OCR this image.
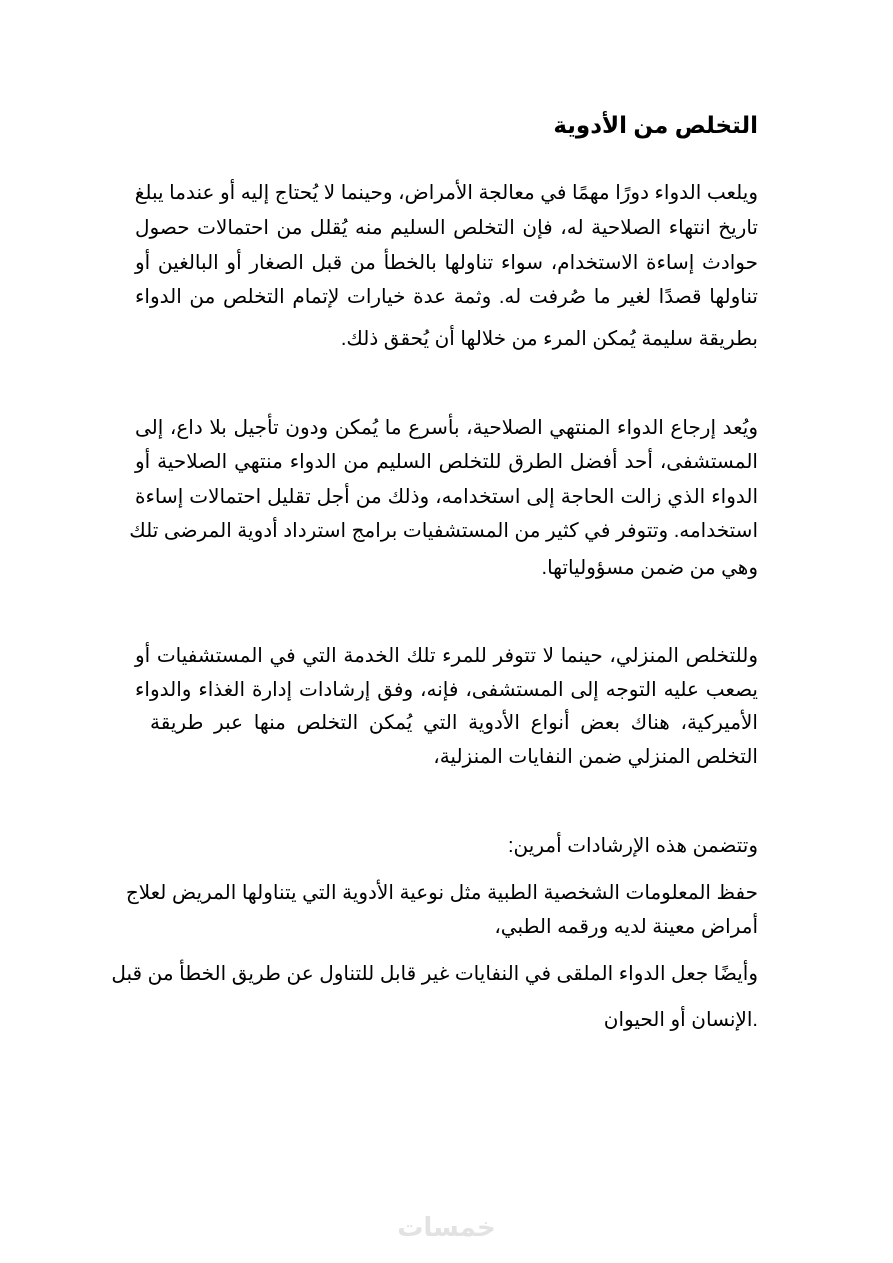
التخلص من الأدوية
ويلعب الدواء دورًا مهمًا في معالجة الأمراض، وحينما لا يُحتاج إليه أو عندما يبلغ
تاريخ انتهاء الصلاحية له، فإن التخلص السليم منه يُقلل من احتمالات حصول
حوادث إساءة الاستخدام، سواء تناولها بالخطأ من قبل الصغار أو البالغين أو
تناولها قصدًا لغير ما صُرفت له. وثمة عدة خيارات لإتمام التخلص من الدواء
بطريقة سليمة يُمكن المرء من خلالها أن يُحقق ذلك.
ويُعد إرجاع الدواء المنتهي الصلاحية، بأسرع ما يُمكن ودون تأجيل بلا داع، إلى
المستشفى، أحد أفضل الطرق للتخلص السليم من الدواء منتهي الصلاحية أو
الدواء الذي زالت الحاجة إلى استخدامه، وذلك من أجل تقليل احتمالات إساءة
استخدامه. وتتوفر في كثير من المستشفيات برامج استرداد أدوية المرضى تلك
وهي من ضمن مسؤولياتها.
وللتخلص المنزلي، حينما لا تتوفر للمرء تلك الخدمة التي في المستشفيات أو
يصعب عليه التوجه إلى المستشفى، فإنه، وفق إرشادات إدارة الغذاء والدواء
الأميركية، هناك بعض أنواع الأدوية التي يُمكن التخلص منها عبر طريقة
التخلص المنزلي ضمن النفايات المنزلية،
وتتضمن هذه الإرشادات أمرين:
حفظ المعلومات الشخصية الطبية مثل نوعية الأدوية التي يتناولها المريض لعلاج
أمراض معينة لديه ورقمه الطبي،
وأيضًا جعل الدواء الملقى في النفايات غير قابل للتناول عن طريق الخطأ من قبل
.الإنسان أو الحيوان
خمسات
